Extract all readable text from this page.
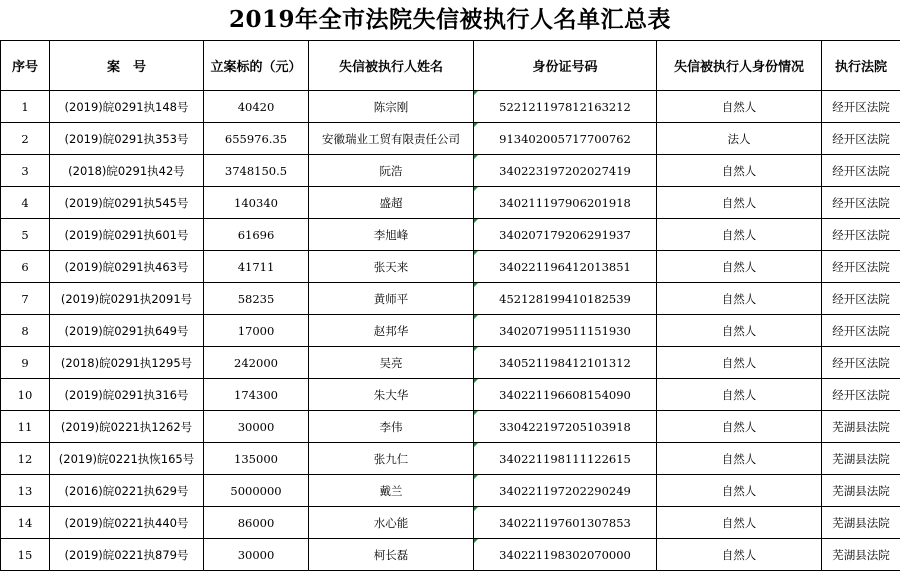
2019年全市法院失信被执行人名单汇总表
序号	案　号	立案标的（元）	失信被执行人姓名	身份证号码	失信被执行人身份情况	执行法院
1	(2019)皖0291执148号	40420	陈宗刚	522121197812163212	自然人	经开区法院
2	(2019)皖0291执353号	655976.35	安徽瑞业工贸有限责任公司	913402005717700762	法人	经开区法院
3	(2018)皖0291执42号	3748150.5	阮浩	340223197202027419	自然人	经开区法院
4	(2019)皖0291执545号	140340	盛超	340211197906201918	自然人	经开区法院
5	(2019)皖0291执601号	61696	李旭峰	340207179206291937	自然人	经开区法院
6	(2019)皖0291执463号	41711	张天来	340221196412013851	自然人	经开区法院
7	(2019)皖0291执2091号	58235	黄师平	452128199410182539	自然人	经开区法院
8	(2019)皖0291执649号	17000	赵邦华	340207199511151930	自然人	经开区法院
9	(2018)皖0291执1295号	242000	吴亮	340521198412101312	自然人	经开区法院
10	(2019)皖0291执316号	174300	朱大华	340221196608154090	自然人	经开区法院
11	(2019)皖0221执1262号	30000	李伟	330422197205103918	自然人	芜湖县法院
12	(2019)皖0221执恢165号	135000	张九仁	340221198111122615	自然人	芜湖县法院
13	(2016)皖0221执629号	5000000	戴兰	340221197202290249	自然人	芜湖县法院
14	(2019)皖0221执440号	86000	水心能	340221197601307853	自然人	芜湖县法院
15	(2019)皖0221执879号	30000	柯长磊	340221198302070000	自然人	芜湖县法院
